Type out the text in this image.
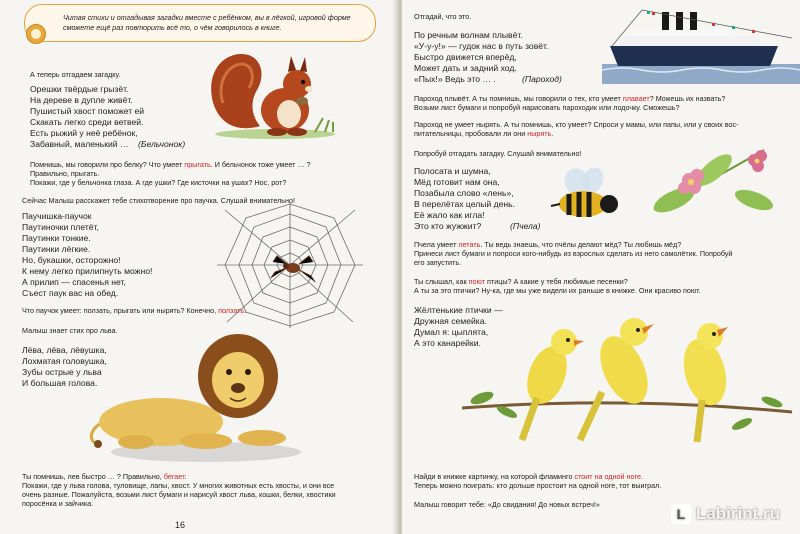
Читая стихи и отгадывая загадки вместе с ребёнком, вы в лёгкой, игровой форме
сможете ещё раз повторить всё то, о чём говорилось в книге.
А теперь отгадаем загадку.
Орешки твёрдые грызёт.
На дереве в дупле живёт.
Пушистый хвост поможет ей
Скакать легко среди ветвей.
Есть рыжий у неё ребёнок,
Забавный, маленький … (Бельчонок)
Помнишь, мы говорили про белку? Что умеет прыгать. И бельчонок тоже умеет … ?
Правильно, прыгать.
Покажи, где у бельчонка глаза. А где ушки? Где кисточки на ушах? Нос, рот?
Сейчас Малыш расскажет тебе стихотворение про паучка. Слушай внимательно!
Паучишка-паучок
Паутиночки плетёт,
Паутинки тонкие.
Паутинки лёгкие.
Но, букашки, осторожно!
К нему легко прилипнуть можно!
А прилип — спасенья нет,
Съест паук вас на обед.
Что паучок умеет: ползать, прыгать или нырять? Конечно, ползать.
Малыш знает стих про льва.
Лёва, лёва, лёвушка,
Лохматая головушка,
Зубы острые у льва
И большая голова.
Ты помнишь, лев быстро … ? Правильно, бегает.
Покажи, где у льва голова, туловище, лапы, хвост. У многих животных есть хвосты, и они все
очень разные. Пожалуйста, возьми лист бумаги и нарисуй хвост льва, кошки, белки, хвостики
поросёнка и зайчика.
16
Отгадай, что это.
По речным волнам плывёт.
«У-у-у!» — гудок нас в путь зовёт.
Быстро движется вперёд,
Может дать и задний ход.
«Пых!» Ведь это … .	(Пароход)
Пароход плывёт. А ты помнишь, мы говорили о тех, кто умеет плавает? Можешь их назвать?
Возьми лист бумаги и попробуй нарисовать пароходик или лодочку. Сможешь?
Пароход не умеет нырять. А ты помнишь, кто умеет? Спроси у мамы, или папы, или у своих вос-
питательницы, пробовали ли они нырять.
Попробуй отгадать загадку. Слушай внимательно!
Полосата и шумна,
Мёд готовит нам она,
Позабыла слово «лень»,
В перелётах целый день.
Её жало как игла!
Это кто жужжит?	(Пчела)
Пчела умеет летать. Ты ведь знаешь, что пчёлы делают мёд? Ты любишь мёд?
Принеси лист бумаги и попроси кого-нибудь из взрослых сделать из него самолётик. Попробуй
его запустить.
Ты слышал, как поют птицы? А какие у тебя любимые песенки?
А ты за это птички? Ну-ка, где мы уже видели их раньше в книжке. Они красиво поют.
Жёлтенькие птички —
Дружная семейка.
Думал я: цыплята,
А это канарейки.
Найди в книжке картинку, на которой фламинго стоит на одной ноге.
Теперь можно поиграть: кто дольше простоит на одной ноге, тот выиграл.
Малыш говорит тебе: «До свидания! До новых встреч!»
L Labirint.ru
